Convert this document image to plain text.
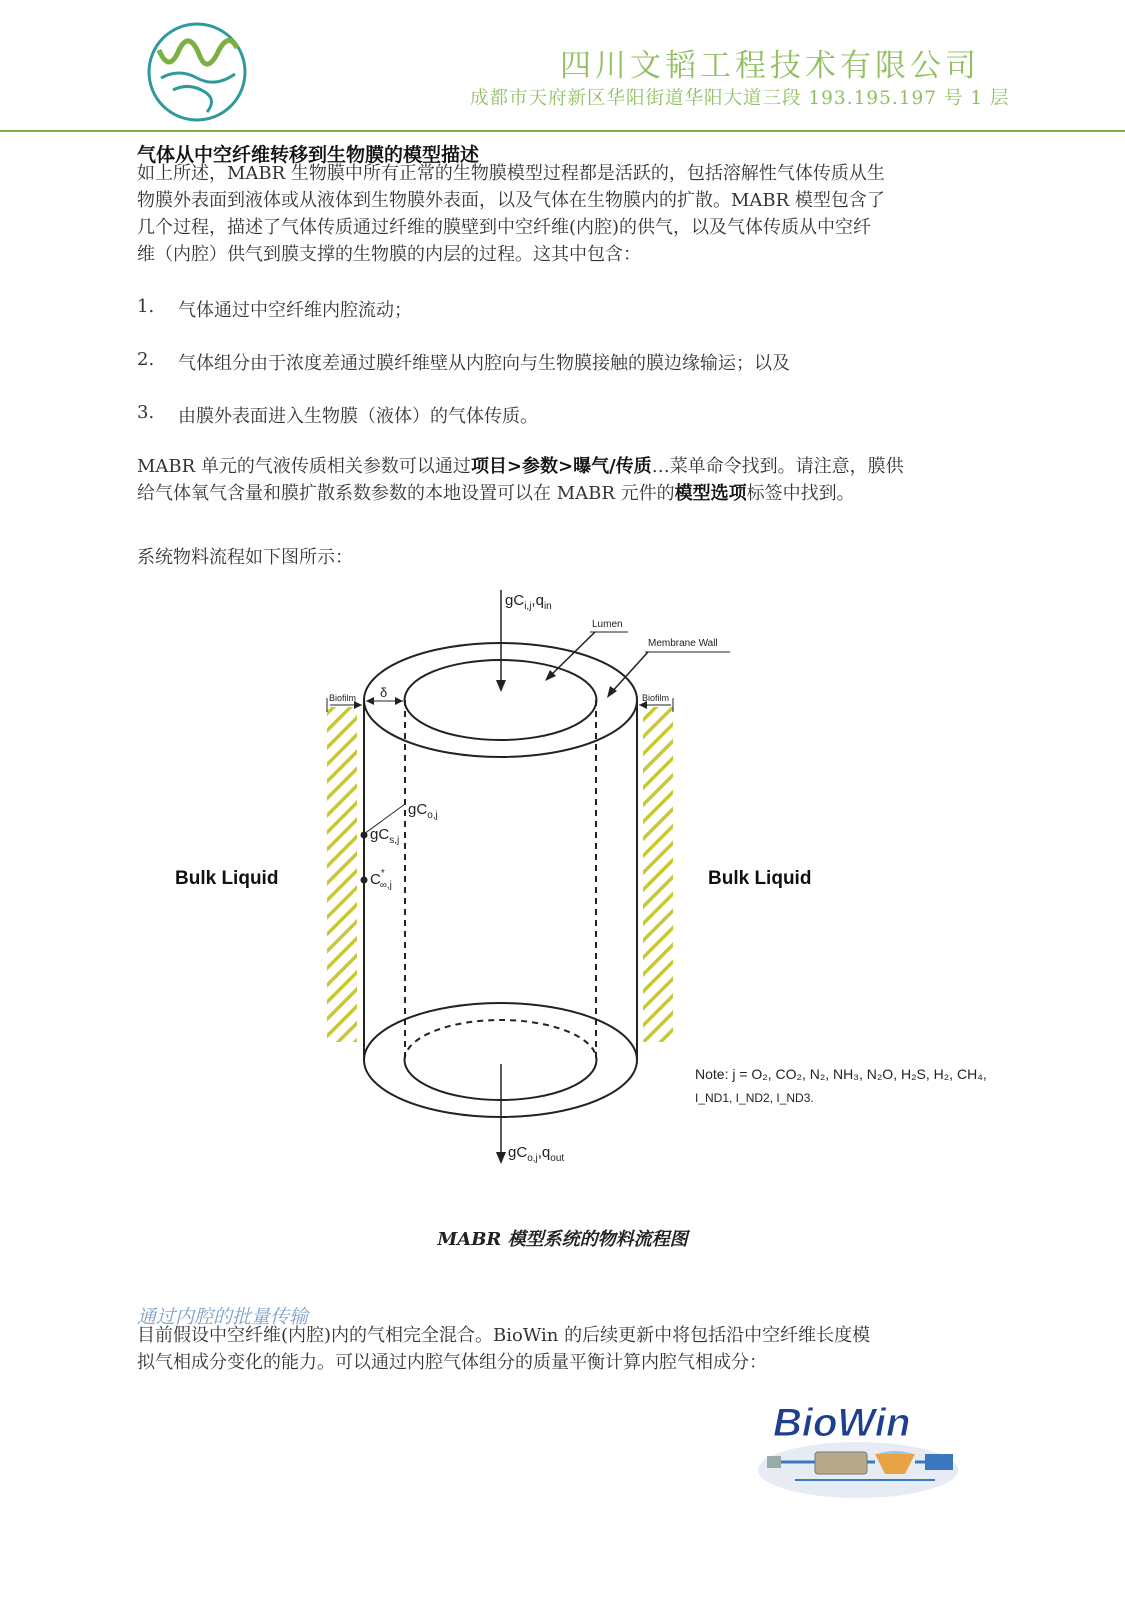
四川文韬工程技术有限公司
成都市天府新区华阳街道华阳大道三段 193.195.197 号 1 层
气体从中空纤维转移到生物膜的模型描述
如上所述，MABR 生物膜中所有正常的生物膜模型过程都是活跃的，包括溶解性气体传质从生
物膜外表面到液体或从液体到生物膜外表面，以及气体在生物膜内的扩散。MABR 模型包含了
几个过程，描述了气体传质通过纤维的膜壁到中空纤维(内腔)的供气，以及气体传质从中空纤
维（内腔）供气到膜支撑的生物膜的内层的过程。这其中包含：
1. 气体通过中空纤维内腔流动；
2. 气体组分由于浓度差通过膜纤维壁从内腔向与生物膜接触的膜边缘输运；以及
3. 由膜外表面进入生物膜（液体）的气体传质。
MABR 单元的气液传质相关参数可以通过项目>参数>曝气/传质…菜单命令找到。请注意，膜供
给气体氧气含量和膜扩散系数参数的本地设置可以在 MABR 元件的模型选项标签中找到。
系统物料流程如下图所示：
$gC_{i,j},q_{in}$
Lumen
Membrane Wall
Biofilm δ	Biofilm
$gC_{o,j}$
$gC_{s,j}$
C* ∞,j
Bulk Liquid	Bulk Liquid
Note: j = O₂, CO₂, N₂, NH₃, N₂O, H₂S, H₂, CH₄,
I_ND1, I_ND2, I_ND3.
$gC_{o,j},q_{out}$
MABR 模型系统的物料流程图
通过内腔的批量传输
目前假设中空纤维(内腔)内的气相完全混合。BioWin 的后续更新中将包括沿中空纤维长度模
拟气相成分变化的能力。可以通过内腔气体组分的质量平衡计算内腔气相成分：
BioWin
